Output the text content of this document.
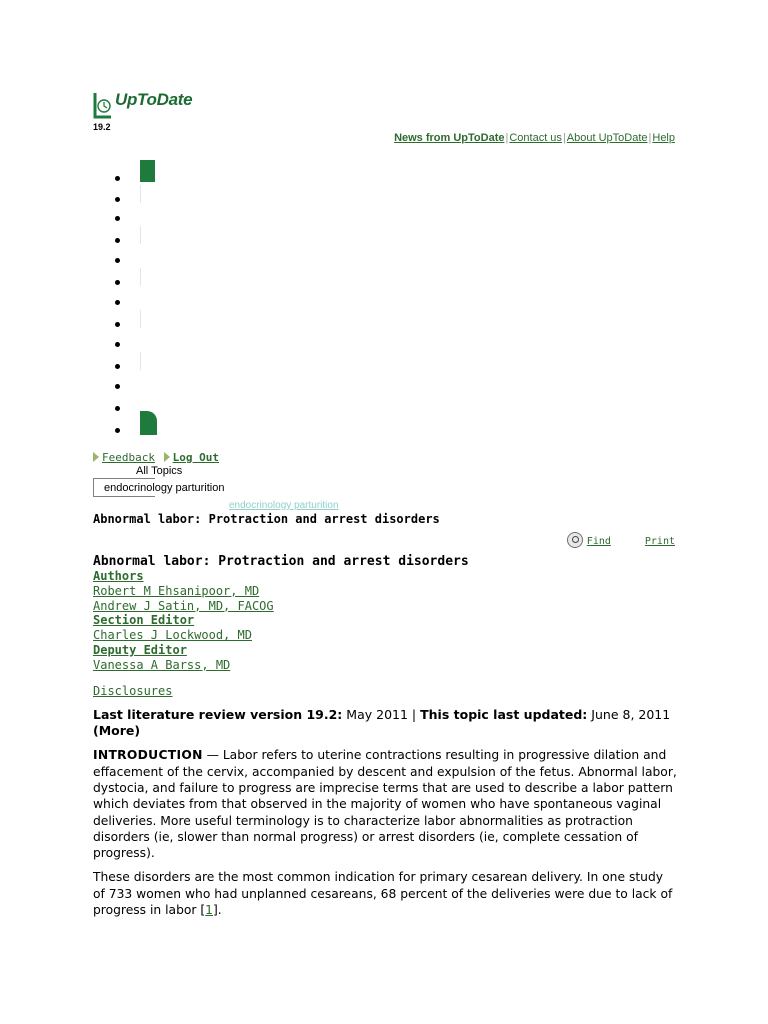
UpToDate
19.2
News from UpToDate|Contact us|About UpToDate|Help
Feedback Log Out
All Topics
endocrinology parturition
endocrinology parturition
Abnormal labor: Protraction and arrest disorders
Find	Print
Abnormal labor: Protraction and arrest disorders
Authors
Robert M Ehsanipoor, MD
Andrew J Satin, MD, FACOG
Section Editor
Charles J Lockwood, MD
Deputy Editor
Vanessa A Barss, MD
Disclosures
Last literature review version 19.2: May 2011 | This topic last updated: June 8, 2011 (More)

INTRODUCTION — Labor refers to uterine contractions resulting in progressive dilation and effacement of the cervix, accompanied by descent and expulsion of the fetus. Abnormal labor, dystocia, and failure to progress are imprecise terms that are used to describe a labor pattern which deviates from that observed in the majority of women who have spontaneous vaginal deliveries. More useful terminology is to characterize labor abnormalities as protraction disorders (ie, slower than normal progress) or arrest disorders (ie, complete cessation of progress).

These disorders are the most common indication for primary cesarean delivery. In one study of 733 women who had unplanned cesareans, 68 percent of the deliveries were due to lack of progress in labor [1].
